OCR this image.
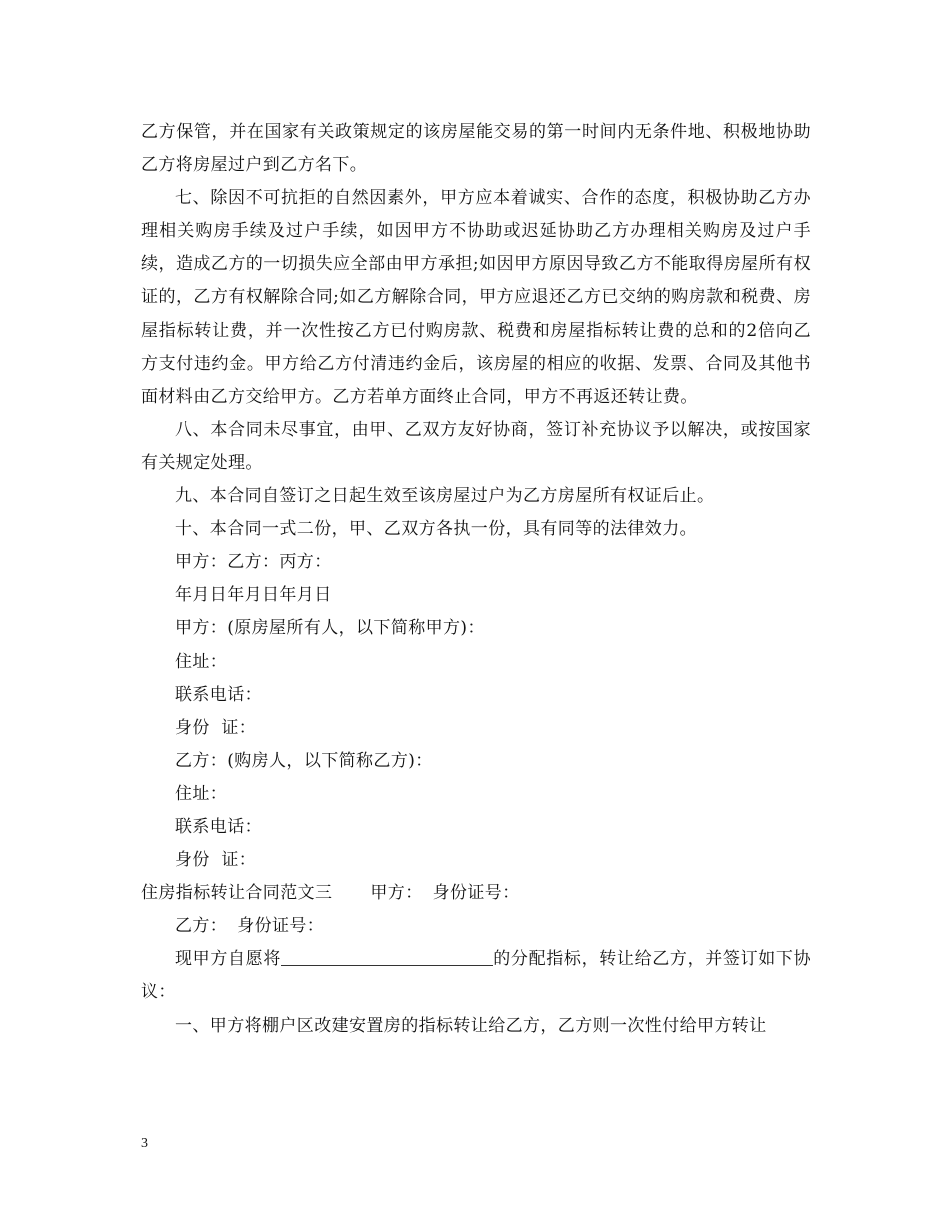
乙方保管，并在国家有关政策规定的该房屋能交易的第一时间内无条件地、积极地协助乙方将房屋过户到乙方名下。

七、除因不可抗拒的自然因素外，甲方应本着诚实、合作的态度，积极协助乙方办理相关购房手续及过户手续，如因甲方不协助或迟延协助乙方办理相关购房及过户手续，造成乙方的一切损失应全部由甲方承担;如因甲方原因导致乙方不能取得房屋所有权证的，乙方有权解除合同;如乙方解除合同，甲方应退还乙方已交纳的购房款和税费、房屋指标转让费，并一次性按乙方已付购房款、税费和房屋指标转让费的总和的2倍向乙方支付违约金。甲方给乙方付清违约金后，该房屋的相应的收据、发票、合同及其他书面材料由乙方交给甲方。乙方若单方面终止合同，甲方不再返还转让费。

八、本合同未尽事宜，由甲、乙双方友好协商，签订补充协议予以解决，或按国家有关规定处理。

九、本合同自签订之日起生效至该房屋过户为乙方房屋所有权证后止。

十、本合同一式二份，甲、乙双方各执一份，具有同等的法律效力。

甲方：乙方：丙方：

年月日年月日年月日

甲方：(原房屋所有人，以下简称甲方)：

住址：

联系电话：

身份  证：

乙方：(购房人，以下简称乙方)：

住址：

联系电话：

身份  证：

住房指标转让合同范文三 甲方： 身份证号：

乙方： 身份证号：

现甲方自愿将	的分配指标，转让给乙方，并签订如下协议：

一、甲方将棚户区改建安置房的指标转让给乙方，乙方则一次性付给甲方转让

3
